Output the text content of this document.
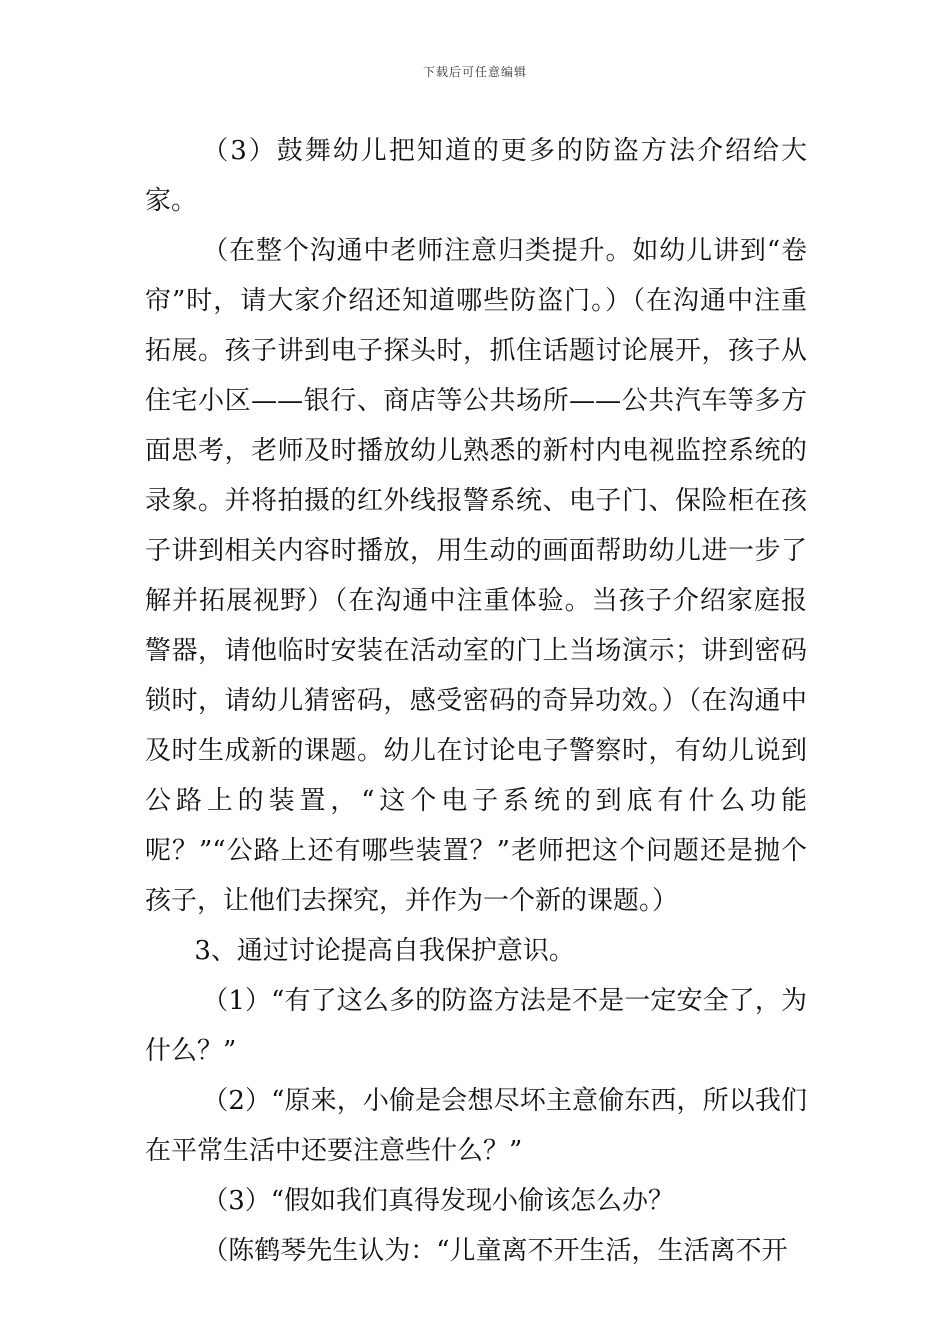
下载后可任意编辑

（3）鼓舞幼儿把知道的更多的防盗方法介绍给大家。

（在整个沟通中老师注意归类提升。如幼儿讲到“卷帘”时，请大家介绍还知道哪些防盗门。）（在沟通中注重拓展。孩子讲到电子探头时，抓住话题讨论展开，孩子从住宅小区——银行、商店等公共场所——公共汽车等多方面思考，老师及时播放幼儿熟悉的新村内电视监控系统的录象。并将拍摄的红外线报警系统、电子门、保险柜在孩子讲到相关内容时播放，用生动的画面帮助幼儿进一步了解并拓展视野）（在沟通中注重体验。当孩子介绍家庭报警器，请他临时安装在活动室的门上当场演示；讲到密码锁时，请幼儿猜密码，感受密码的奇异功效。）（在沟通中及时生成新的课题。幼儿在讨论电子警察时，有幼儿说到公路上的装置，“这个电子系统的到底有什么功能呢？”“公路上还有哪些装置？”老师把这个问题还是抛个孩子，让他们去探究，并作为一个新的课题。）

3、通过讨论提高自我保护意识。

（1）“有了这么多的防盗方法是不是一定安全了，为什么？”

（2）“原来，小偷是会想尽坏主意偷东西，所以我们在平常生活中还要注意些什么？”

（3）“假如我们真得发现小偷该怎么办？

（陈鹤琴先生认为：“儿童离不开生活，生活离不开
